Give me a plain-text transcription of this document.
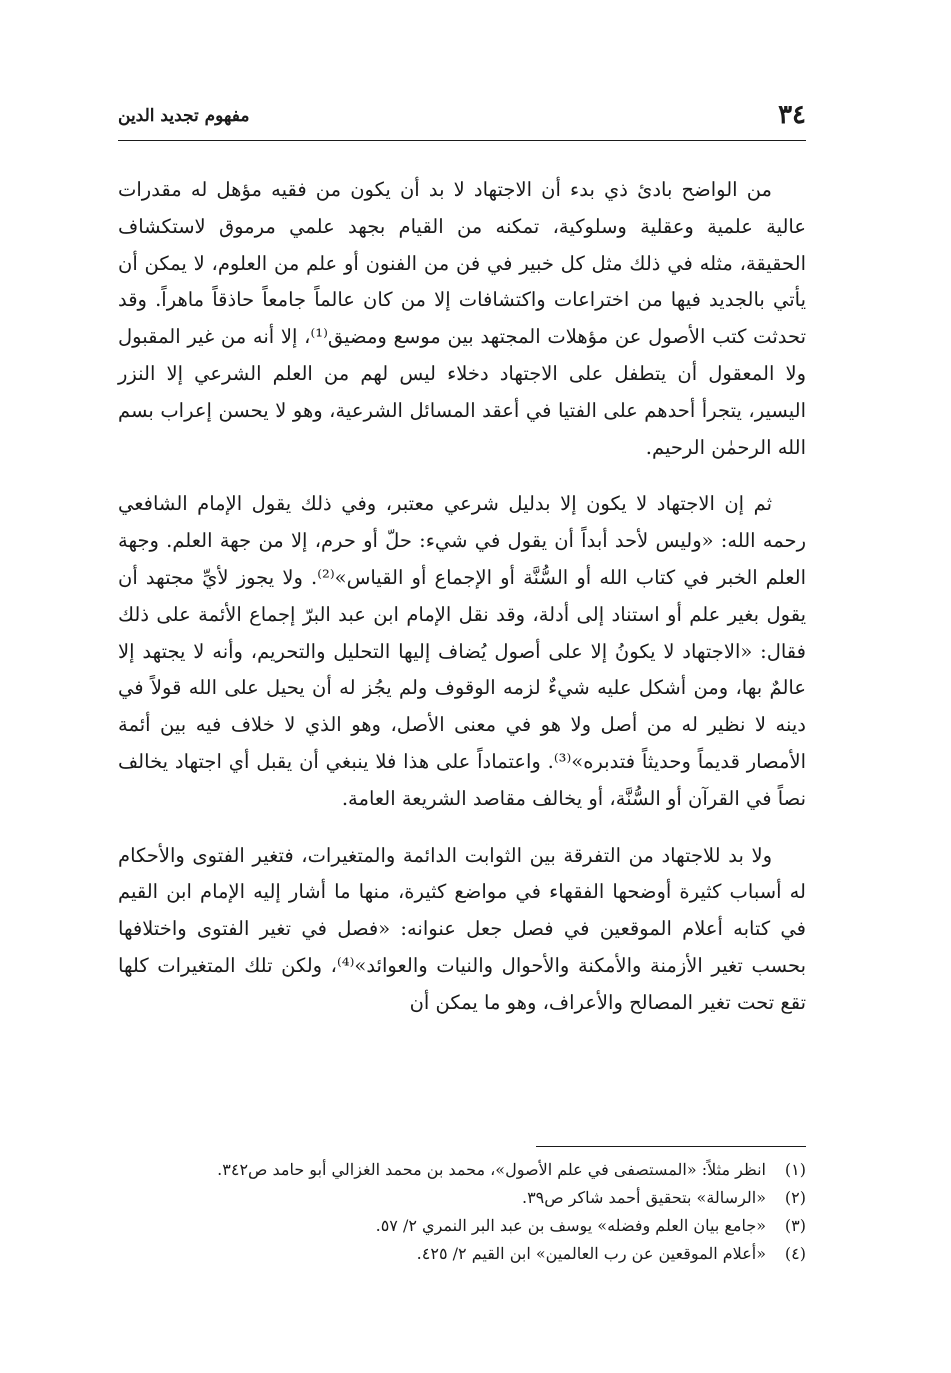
٣٤
مفهوم تجديد الدين

من الواضح بادئ ذي بدء أن الاجتهاد لا بد أن يكون من فقيه مؤهل له مقدرات عالية علمية وعقلية وسلوكية، تمكنه من القيام بجهد علمي مرموق لاستكشاف الحقيقة، مثله في ذلك مثل كل خبير في فن من الفنون أو علم من العلوم، لا يمكن أن يأتي بالجديد فيها من اختراعات واكتشافات إلا من كان عالماً جامعاً حاذقاً ماهراً. وقد تحدثت كتب الأصول عن مؤهلات المجتهد بين موسع ومضيق⁽¹⁾، إلا أنه من غير المقبول ولا المعقول أن يتطفل على الاجتهاد دخلاء ليس لهم من العلم الشرعي إلا النزر اليسير، يتجرأ أحدهم على الفتيا في أعقد المسائل الشرعية، وهو لا يحسن إعراب بسم الله الرحمٰن الرحيم.

ثم إن الاجتهاد لا يكون إلا بدليل شرعي معتبر، وفي ذلك يقول الإمام الشافعي رحمه الله: «وليس لأحد أبداً أن يقول في شيء: حلّ أو حرم، إلا من جهة العلم. وجهة العلم الخبر في كتاب الله أو السُّنَّة أو الإجماع أو القياس»⁽²⁾. ولا يجوز لأيِّ مجتهد أن يقول بغير علم أو استناد إلى أدلة، وقد نقل الإمام ابن عبد البرّ إجماع الأئمة على ذلك فقال: «الاجتهاد لا يكونُ إلا على أصول يُضاف إليها التحليل والتحريم، وأنه لا يجتهد إلا عالمٌ بها، ومن أشكل عليه شيءٌ لزمه الوقوف ولم يجُز له أن يحيل على الله قولاً في دينه لا نظير له من أصل ولا هو في معنى الأصل، وهو الذي لا خلاف فيه بين أئمة الأمصار قديماً وحديثاً فتدبره»⁽³⁾. واعتماداً على هذا فلا ينبغي أن يقبل أي اجتهاد يخالف نصاً في القرآن أو السُّنَّة، أو يخالف مقاصد الشريعة العامة.

ولا بد للاجتهاد من التفرقة بين الثوابت الدائمة والمتغيرات، فتغير الفتوى والأحكام له أسباب كثيرة أوضحها الفقهاء في مواضع كثيرة، منها ما أشار إليه الإمام ابن القيم في كتابه أعلام الموقعين في فصل جعل عنوانه: «فصل في تغير الفتوى واختلافها بحسب تغير الأزمنة والأمكنة والأحوال والنيات والعوائد»⁽⁴⁾، ولكن تلك المتغيرات كلها تقع تحت تغير المصالح والأعراف، وهو ما يمكن أن

(١)انظر مثلاً: «المستصفى في علم الأصول»، محمد بن محمد الغزالي أبو حامد ص٣٤٢.

(٢)«الرسالة» بتحقيق أحمد شاكر ص٣٩.

(٣)«جامع بيان العلم وفضله» يوسف بن عبد البر النمري ٢/ ٥٧.

(٤)«أعلام الموقعين عن رب العالمين» ابن القيم ٢/ ٤٢٥.
